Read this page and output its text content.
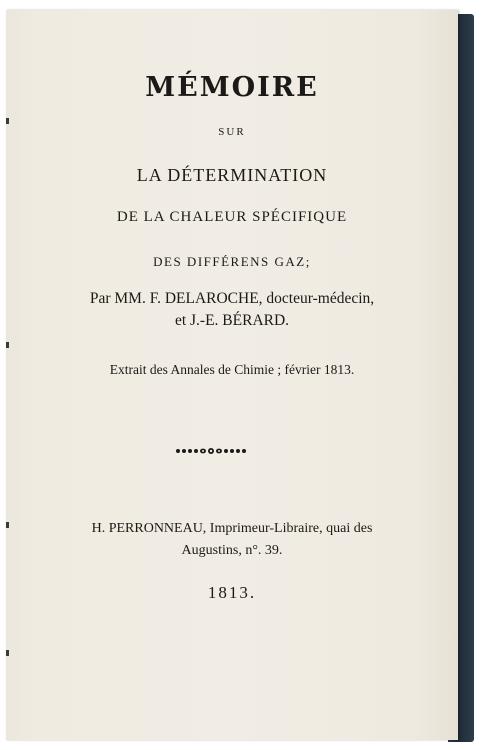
MÉMOIRE
SUR
LA DÉTERMINATION
DE LA CHALEUR SPÉCIFIQUE
DES DIFFÉRENS GAZ;
Par MM. F. DELAROCHE, docteur-médecin,
et J.-E. BÉRARD.
Extrait des Annales de Chimie ; février 1813.
H. PERRONNEAU, Imprimeur-Libraire, quai des
Augustins, n°. 39.
1813.
